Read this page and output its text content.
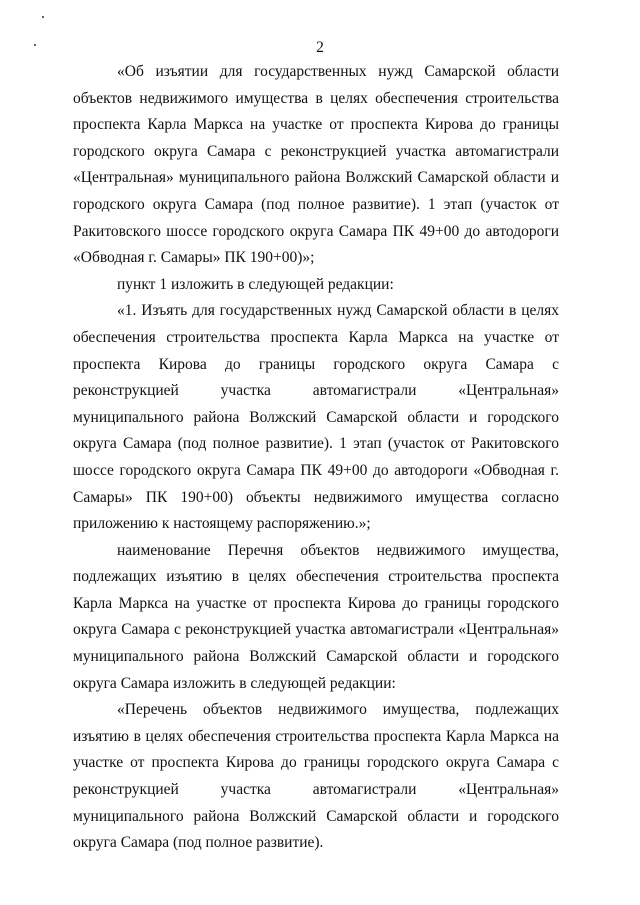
2

«Об изъятии для государственных нужд Самарской области объектов недвижимого имущества в целях обеспечения строительства проспекта Карла Маркса на участке от проспекта Кирова до границы городского округа Самара с реконструкцией участка автомагистрали «Центральная» муниципального района Волжский Самарской области и городского округа Самара (под полное развитие). 1 этап (участок от Ракитовского шоссе городского округа Самара ПК 49+00 до автодороги «Обводная г. Самары» ПК 190+00)»;

пункт 1 изложить в следующей редакции:

«1. Изъять для государственных нужд Самарской области в целях обеспечения строительства проспекта Карла Маркса на участке от проспекта Кирова до границы городского округа Самара с реконструкцией участка автомагистрали «Центральная» муниципального района Волжский Самарской области и городского округа Самара (под полное развитие). 1 этап (участок от Ракитовского шоссе городского округа Самара ПК 49+00 до автодороги «Обводная г. Самары» ПК 190+00) объекты недвижимого имущества согласно приложению к настоящему распоряжению.»;

наименование Перечня объектов недвижимого имущества, подлежащих изъятию в целях обеспечения строительства проспекта Карла Маркса на участке от проспекта Кирова до границы городского округа Самара с реконструкцией участка автомагистрали «Центральная» муниципального района Волжский Самарской области и городского округа Самара изложить в следующей редакции:

«Перечень объектов недвижимого имущества, подлежащих изъятию в целях обеспечения строительства проспекта Карла Маркса на участке от проспекта Кирова до границы городского округа Самара с реконструкцией участка автомагистрали «Центральная» муниципального района Волжский Самарской области и городского округа Самара (под полное развитие).
